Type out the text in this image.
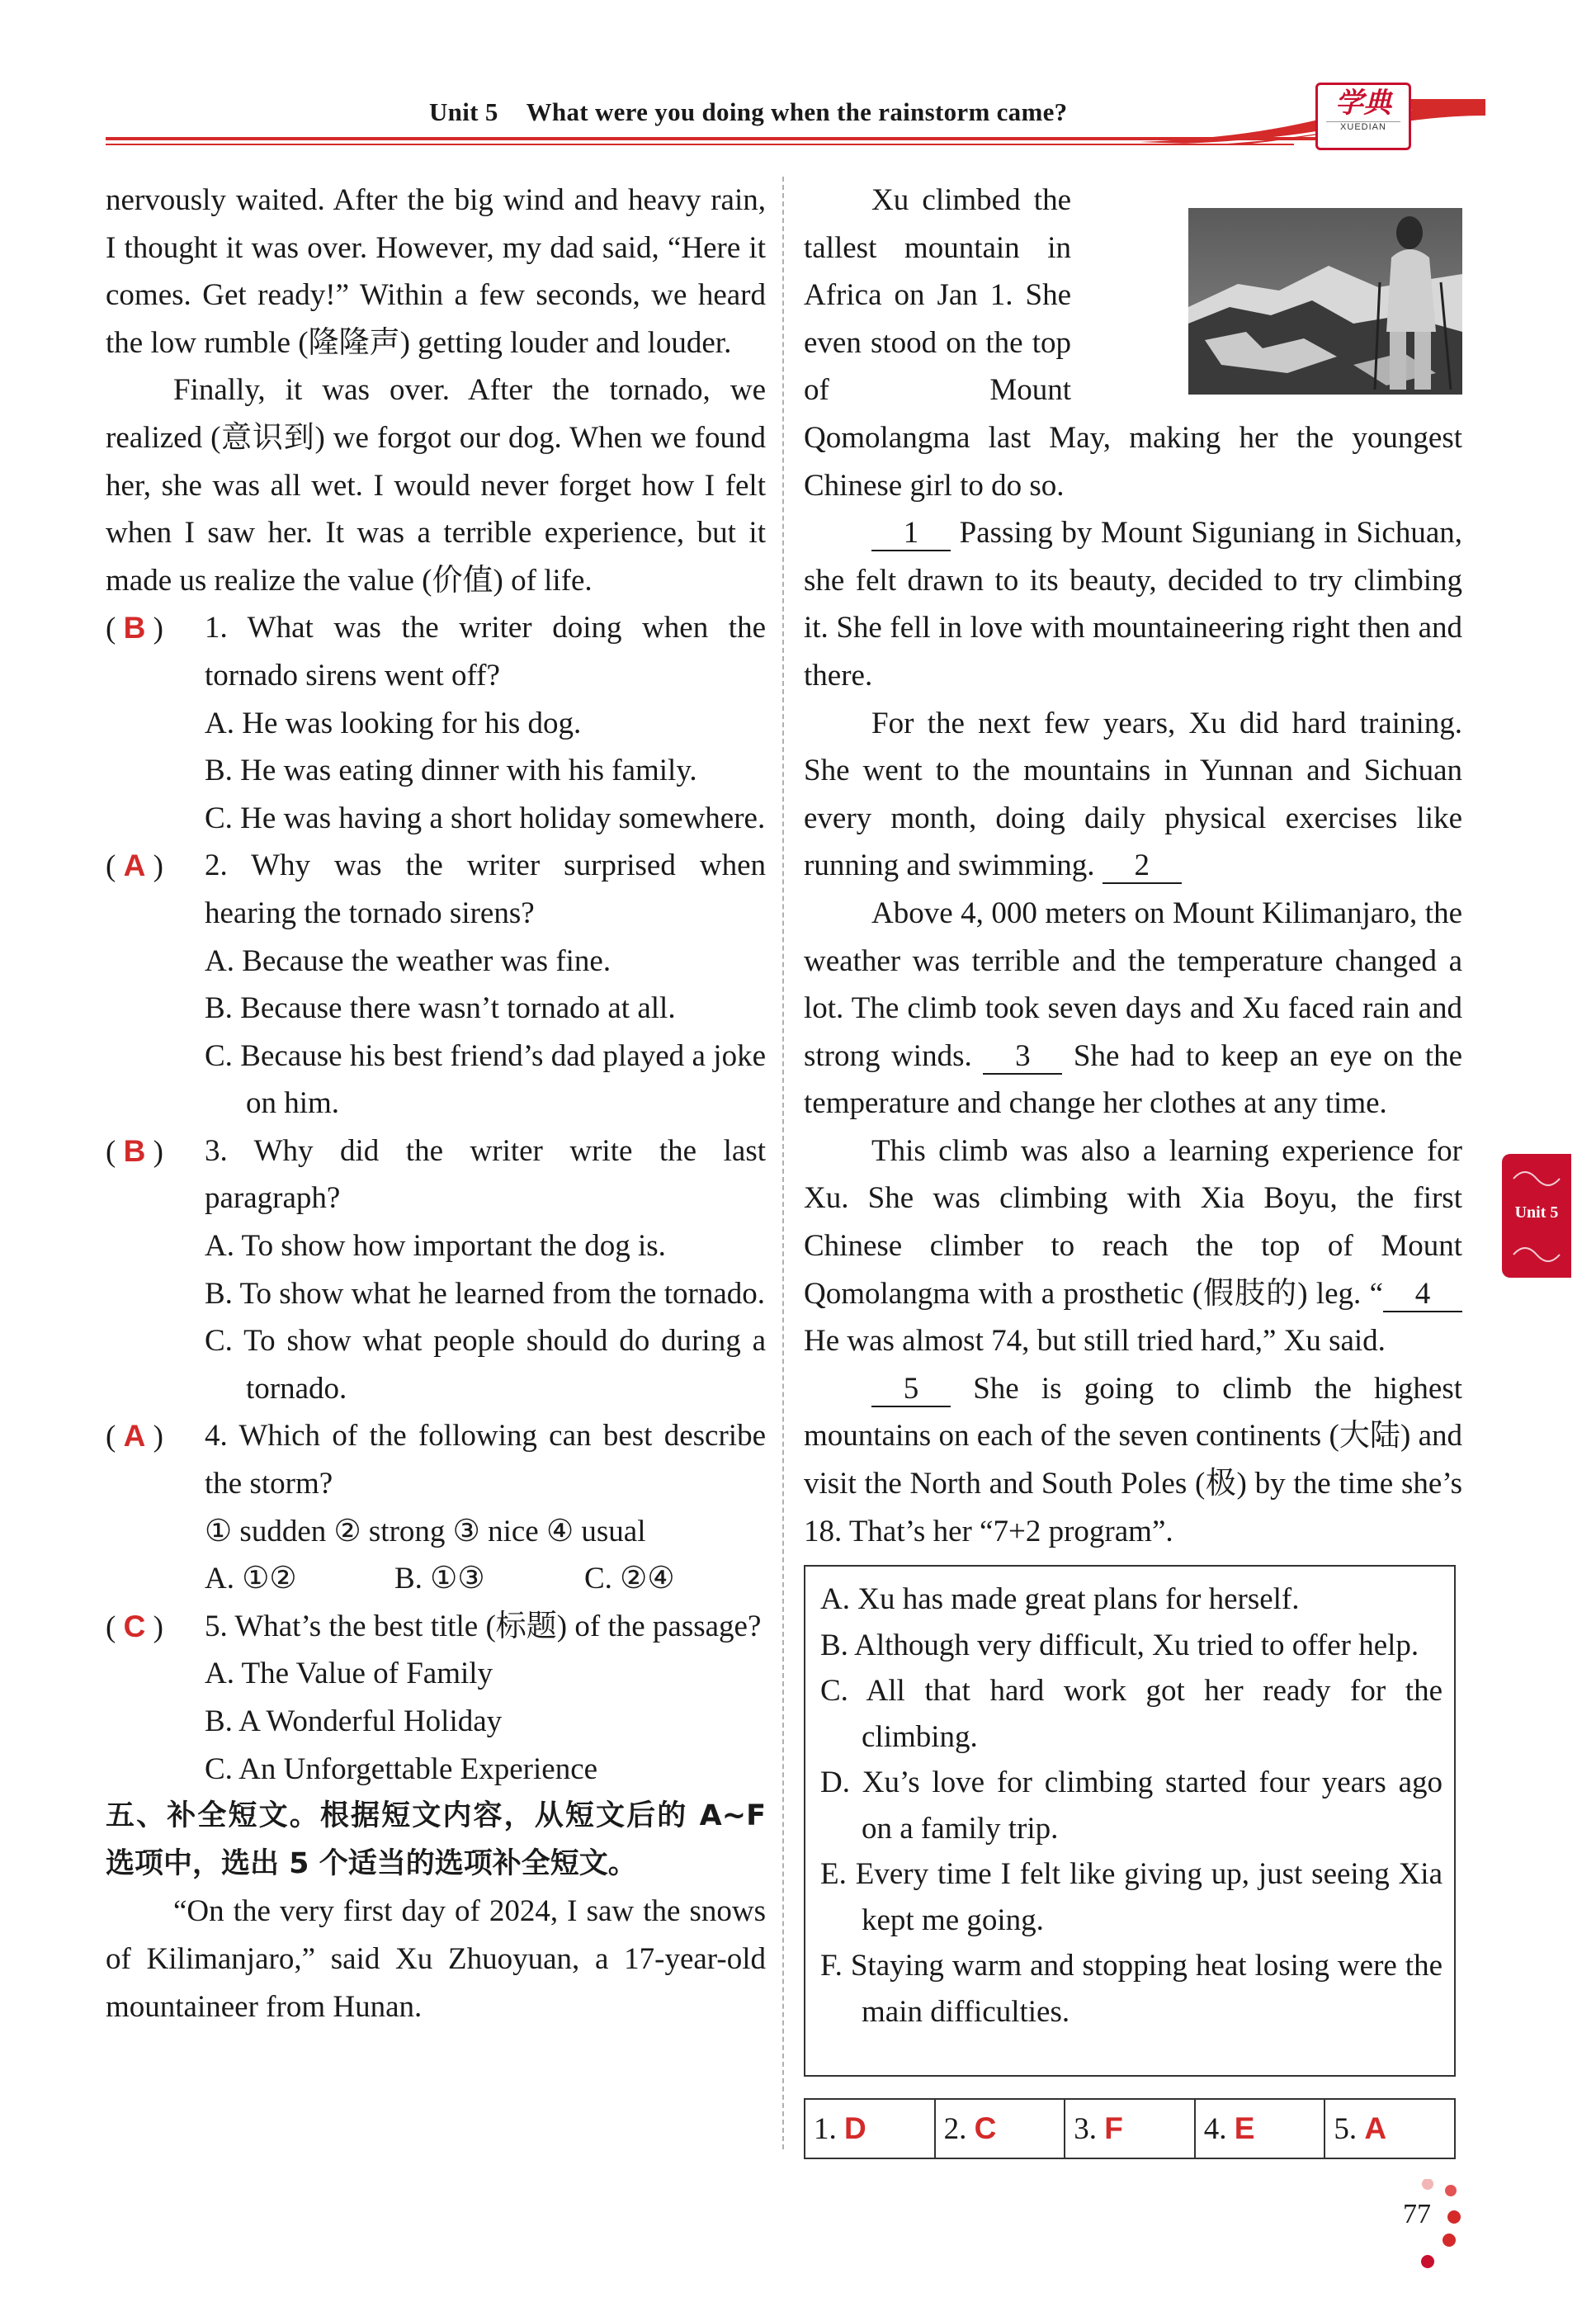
Unit 5 What were you doing when the rainstorm came?	学典
XUEDIAN

nervously waited. After the big wind and heavy rain, I thought it was over. However, my dad said, “Here it comes. Get ready!” Within a few seconds, we heard the low rumble (隆隆声) getting louder and louder.

Finally, it was over. After the tornado, we realized (意识到) we forgot our dog. When we found her, she was all wet. I would never forget how I felt when I saw her. It was a terrible experience, but it made us realize the value (价值) of life.

( B ) 1. What was the writer doing when the tornado sirens went off?

A. He was looking for his dog.

B. He was eating dinner with his family.

C. He was having a short holiday somewhere.

( A ) 2. Why was the writer surprised when hearing the tornado sirens?

A. Because the weather was fine.

B. Because there wasn’t tornado at all.

C. Because his best friend’s dad played a joke on him.

( B ) 3. Why did the writer write the last paragraph?

A. To show how important the dog is.

B. To show what he learned from the tornado.

C. To show what people should do during a tornado.

( A ) 4. Which of the following can best describe the storm?

① sudden ② strong ③ nice ④ usual

A. ①②	B. ①③	C. ②④

( C ) 5. What’s the best title (标题) of the passage?

A. The Value of Family

B. A Wonderful Holiday

C. An Unforgettable Experience

五、补全短文。根据短文内容，从短文后的 A~F 选项中，选出 5 个适当的选项补全短文。

“On the very first day of 2024, I saw the snows of Kilimanjaro,” said Xu Zhuoyuan, a 17-year-old mountaineer from Hunan.

Xu climbed the tallest mountain in Africa on Jan 1. She even stood on the top of Mount Qomolangma last May, making her the youngest Chinese girl to do so.

1 Passing by Mount Siguniang in Sichuan, she felt drawn to its beauty, decided to try climbing it. She fell in love with mountaineering right then and there.

For the next few years, Xu did hard training. She went to the mountains in Yunnan and Sichuan every month, doing daily physical exercises like running and swimming. 2

Above 4, 000 meters on Mount Kilimanjaro, the weather was terrible and the temperature changed a lot. The climb took seven days and Xu faced rain and strong winds. 3 She had to keep an eye on the temperature and change her clothes at any time.

This climb was also a learning experience for Xu. She was climbing with Xia Boyu, the first Chinese climber to reach the top of Mount Qomolangma with a prosthetic (假肢的) leg. “ 4 He was almost 74, but still tried hard,” Xu said.

5 She is going to climb the highest mountains on each of the seven continents (大陆) and visit the North and South Poles (极) by the time she’s 18. That’s her “7+2 program”.

A. Xu has made great plans for herself.

B. Although very difficult, Xu tried to offer help.

C. All that hard work got her ready for the climbing.

D. Xu’s love for climbing started four years ago on a family trip.

E. Every time I felt like giving up, just seeing Xia kept me going.

F. Staying warm and stopping heat losing were the main difficulties.

1. D	2. C	3. F	4. E	5. A
Unit 5
77
